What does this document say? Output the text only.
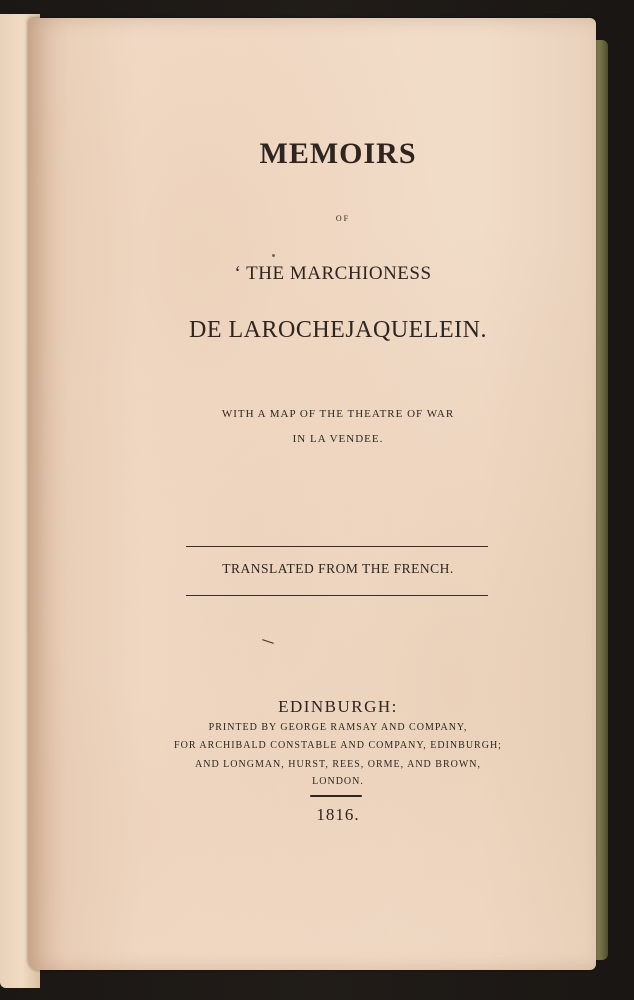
MEMOIRS
OF
‘ THE MARCHIONESS
DE LAROCHEJAQUELEIN.
WITH A MAP OF THE THEATRE OF WAR
IN LA VENDEE.
TRANSLATED FROM THE FRENCH.
EDINBURGH:
PRINTED BY GEORGE RAMSAY AND COMPANY,
FOR ARCHIBALD CONSTABLE AND COMPANY, EDINBURGH;
AND LONGMAN, HURST, REES, ORME, AND BROWN,
LONDON.
1816.
